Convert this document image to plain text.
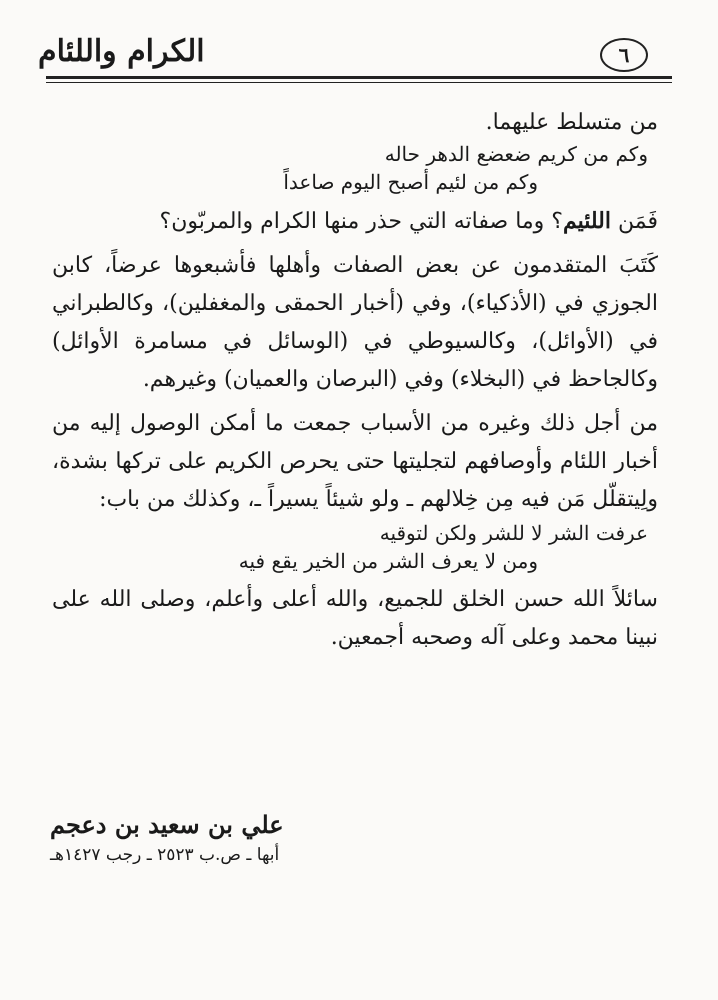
٦
الكرام واللئام
من متسلط عليهما.
وكم من كريم ضعضع الدهر حاله
وكم من لئيم أصبح اليوم صاعداً
فَمَن اللئيم؟ وما صفاته التي حذر منها الكرام والمربّون؟
كَتَبَ المتقدمون عن بعض الصفات وأهلها فأشبعوها عرضاً، كابن الجوزي في (الأذكياء)، وفي (أخبار الحمقى والمغفلين)، وكالطبراني في (الأوائل)، وكالسيوطي في (الوسائل في مسامرة الأوائل) وكالجاحظ في (البخلاء) وفي (البرصان والعميان) وغيرهم.
من أجل ذلك وغيره من الأسباب جمعت ما أمكن الوصول إليه من أخبار اللئام وأوصافهم لتجليتها حتى يحرص الكريم على تركها بشدة، ولِيتقلّل مَن فيه مِن خِلالهم ـ ولو شيئاً يسيراً ـ، وكذلك من باب:
عرفت الشر لا للشر ولكن لتوقيه
ومن لا يعرف الشر من الخير يقع فيه
سائلاً الله حسن الخلق للجميع، والله أعلى وأعلم، وصلى الله على نبينا محمد وعلى آله وصحبه أجمعين.
علي بن سعيد بن دعجم
أبها ـ ص.ب ٢٥٢٣ ـ رجب ١٤٢٧هـ
